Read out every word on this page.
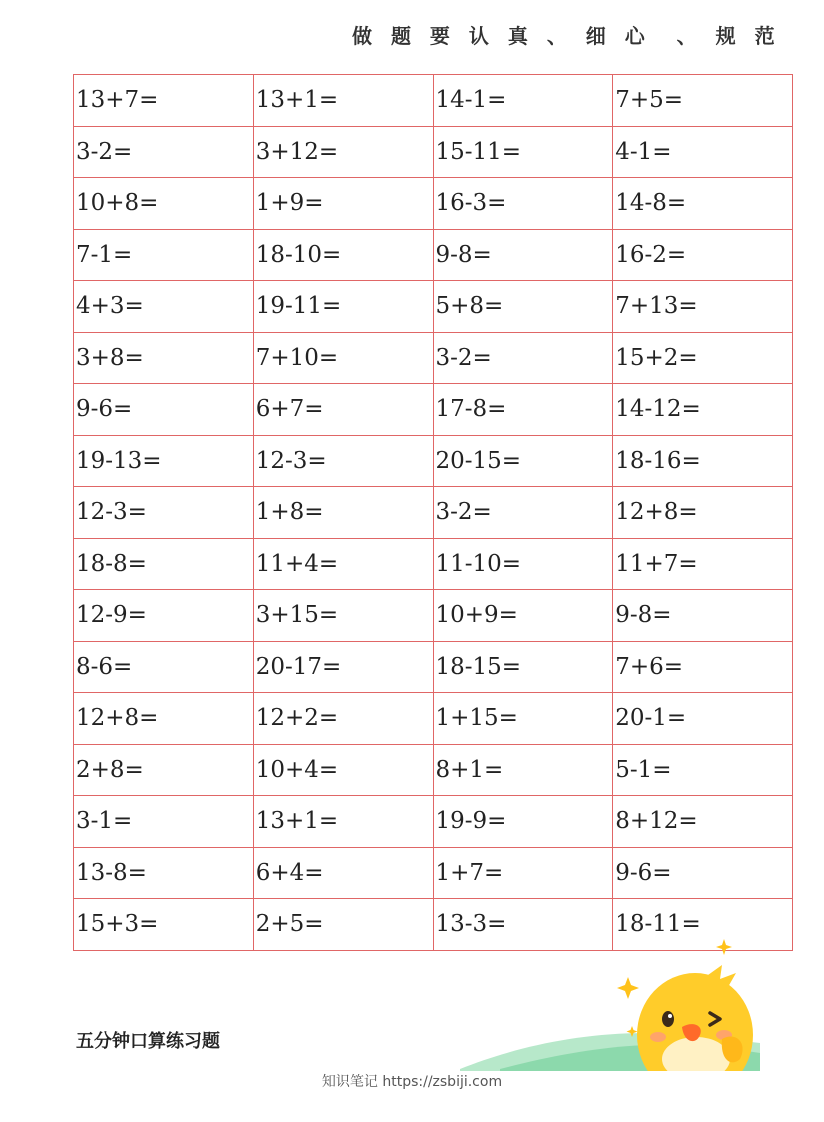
做 题 要 认 真 、 细 心  、 规 范
13+7=	13+1=	14-1=	7+5=
3-2=	3+12=	15-11=	4-1=
10+8=	1+9=	16-3=	14-8=
7-1=	18-10=	9-8=	16-2=
4+3=	19-11=	5+8=	7+13=
3+8=	7+10=	3-2=	15+2=
9-6=	6+7=	17-8=	14-12=
19-13=	12-3=	20-15=	18-16=
12-3=	1+8=	3-2=	12+8=
18-8=	11+4=	11-10=	11+7=
12-9=	3+15=	10+9=	9-8=
8-6=	20-17=	18-15=	7+6=
12+8=	12+2=	1+15=	20-1=
2+8=	10+4=	8+1=	5-1=
3-1=	13+1=	19-9=	8+12=
13-8=	6+4=	1+7=	9-6=
15+3=	2+5=	13-3=	18-11=
五分钟口算练习题
知识笔记 https://zsbiji.com
